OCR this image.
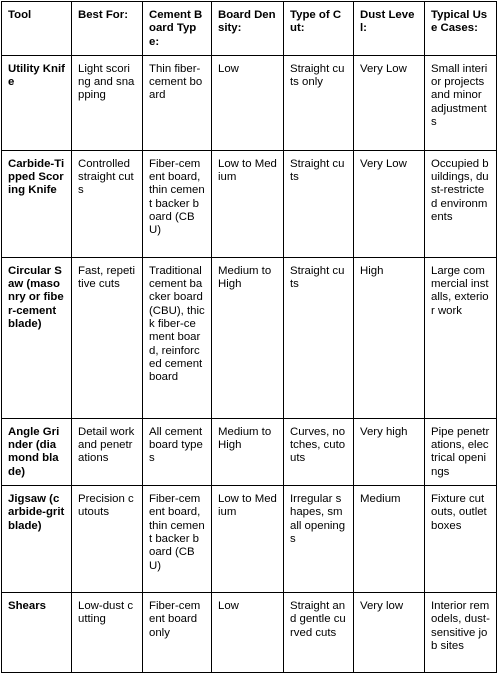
Tool	Best For:	Cement Board Type:	Board Density:	Type of Cut:	Dust Level:	Typical Use Cases:
Utility Knife	Light scoring and snapping	Thin fiber-cement board	Low	Straight cuts only	Very Low	Small interior projects and minor adjustments
Carbide-Tipped Scoring Knife	Controlled straight cuts	Fiber-cement board, thin cement backer board (CBU)	Low to Medium	Straight cuts	Very Low	Occupied buildings, dust-restricted environments
Circular Saw (masonry or fiber-cement blade)	Fast, repetitive cuts	Traditional cement backer board (CBU), thick fiber-cement board, reinforced cement board	Medium to High	Straight cuts	High	Large commercial installs, exterior work
Angle Grinder (diamond blade)	Detail work and penetrations	All cement board types	Medium to High	Curves, notches, cutouts	Very high	Pipe penetrations, electrical openings
Jigsaw (carbide-grit blade)	Precision cutouts	Fiber-cement board, thin cement backer board (CBU)	Low to Medium	Irregular shapes, small openings	Medium	Fixture cutouts, outlet boxes
Shears	Low-dust cutting	Fiber-cement board only	Low	Straight and gentle curved cuts	Very low	Interior remodels, dust-sensitive job sites
